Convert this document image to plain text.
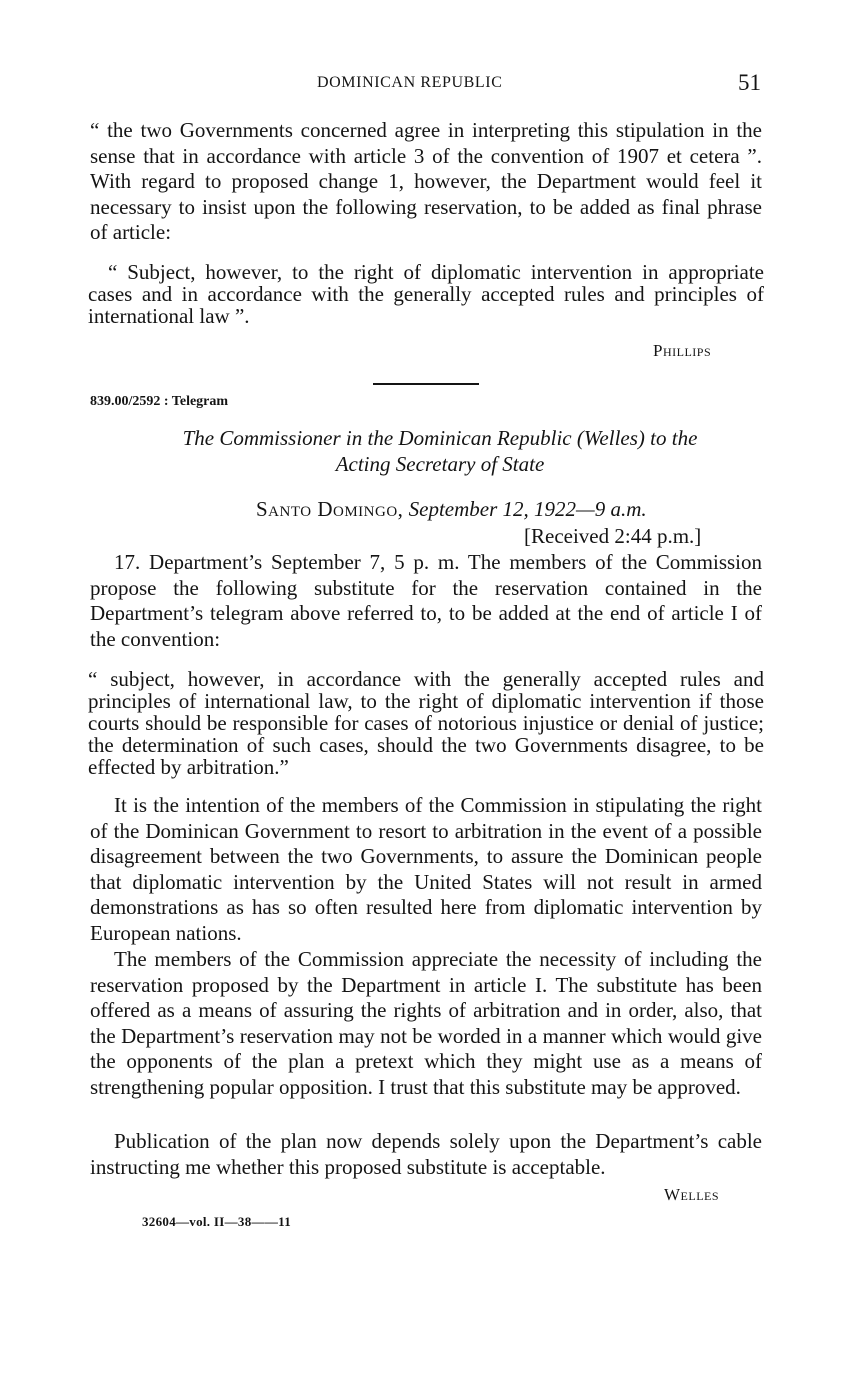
DOMINICAN REPUBLIC	51

“ the two Governments concerned agree in interpreting this stipulation in the sense that in accordance with article 3 of the convention of 1907 et cetera ”. With regard to proposed change 1, however, the Department would feel it necessary to insist upon the following reservation, to be added as final phrase of article:

“ Subject, however, to the right of diplomatic intervention in appropriate cases and in accordance with the generally accepted rules and principles of international law ”.

Phillips
839.00/2592 : Telegram
The Commissioner in the Dominican Republic (Welles) to the
Acting Secretary of State
Santo Domingo, September 12, 1922—9 a.m.
[Received 2:44 p.m.]

17. Department’s September 7, 5 p. m. The members of the Commission propose the following substitute for the reservation contained in the Department’s telegram above referred to, to be added at the end of article I of the convention:

“ subject, however, in accordance with the generally accepted rules and principles of international law, to the right of diplomatic intervention if those courts should be responsible for cases of notorious injustice or denial of justice; the determination of such cases, should the two Governments disagree, to be effected by arbitration.”

It is the intention of the members of the Commission in stipulating the right of the Dominican Government to resort to arbitration in the event of a possible disagreement between the two Governments, to assure the Dominican people that diplomatic intervention by the United States will not result in armed demonstrations as has so often resulted here from diplomatic intervention by European nations.

The members of the Commission appreciate the necessity of including the reservation proposed by the Department in article I. The substitute has been offered as a means of assuring the rights of arbitration and in order, also, that the Department’s reservation may not be worded in a manner which would give the opponents of the plan a pretext which they might use as a means of strengthening popular opposition. I trust that this substitute may be approved.

Publication of the plan now depends solely upon the Department’s cable instructing me whether this proposed substitute is acceptable.

Welles
32604—vol. II—38——11
